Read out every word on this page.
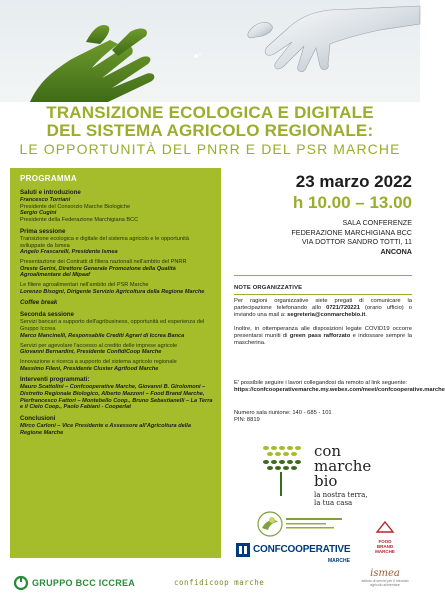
TRANSIZIONE ECOLOGICA E DIGITALE
DEL SISTEMA AGRICOLO REGIONALE:
LE OPPORTUNITÀ DEL PNRR E DEL PSR MARCHE
PROGRAMMA
Saluti e introduzione
Francesco Torriani
Presidente del Consorzio Marche Biologiche
Sergio Cugini
Presidente della Federazione Marchigiana BCC
Prima sessione
Transizione ecologica e digitale del sistema agricolo e le opportunità sviluppate da Ismea
Angelo Frascarelli, Presidente Ismea
Presentazione dei Contratti di filiera nazionali nell'ambito del PNRR
Oreste Gerini, Direttore Generale Promozione della Qualità Agroalimentare del Mipaaf
Le filiere agroalimentari nell'ambito del PSR Marche
Lorenzo Bisogni, Dirigente Servizio Agricoltura della Regione Marche
Coffee break
Seconda sessione
Servizi bancari a supporto dell'agribusiness, opportunità ed esperienza del Gruppo Iccrea
Marco Mancinelli, Responsabile Crediti Agrari di Iccrea Banca
Servizi per agevolare l'accesso al credito delle imprese agricole
Giovanni Bernardini, Presidente ConfidiCoop Marche
Innovazione e ricerca a supporto del sistema agricolo regionale
Massimo Fileni, Presidente Cluster Agrifood Marche
Interventi programmati:
Mauro Scattolini – Confcooperative Marche, Giovanni B. Girolomoni – Distretto Regionale Biologico, Alberto Mazzoni – Food Brand Marche, Pierfrancesco Fattori – Montebello Coop., Bruno Sebastianelli – La Terra e il Cielo Coop., Paolo Fabiani - Cooperlat
Conclusioni
Mirco Carloni – Vice Presidente e Assessore all'Agricoltura della Regione Marche
23 marzo 2022
h 10.00 – 13.00
SALA CONFERENZE
FEDERAZIONE MARCHIGIANA BCC
VIA DOTTOR SANDRO TOTTI, 11
ANCONA
NOTE ORGANIZZATIVE

Per ragioni organizzative siete pregati di comunicare la partecipazione telefonando allo 0721/720221 (orario ufficio) o inviando una mail a: segreteria@conmarchebio.it.

Inoltre, in ottemperanza alle disposizioni legate COVID19 occorre presentarsi muniti di green pass rafforzato e indossare sempre la mascherina.

E' possibile seguire i lavori collegandosi da remoto al link seguente: https://confcooperativemarche.my.webex.com/meet/confcooperative.marche
Numero sala riunione: 140 - 685 - 101
PIN: 8819
con
marche
bio
la nostra terra,
la tua casa
FOOD
BRAND
MARCHE
CONFCOOPERATIVE
MARCHE
ismea
Istituto di servizi per il mercato agricolo alimentare
GRUPPO BCC ICCREA	confidicoop marche
